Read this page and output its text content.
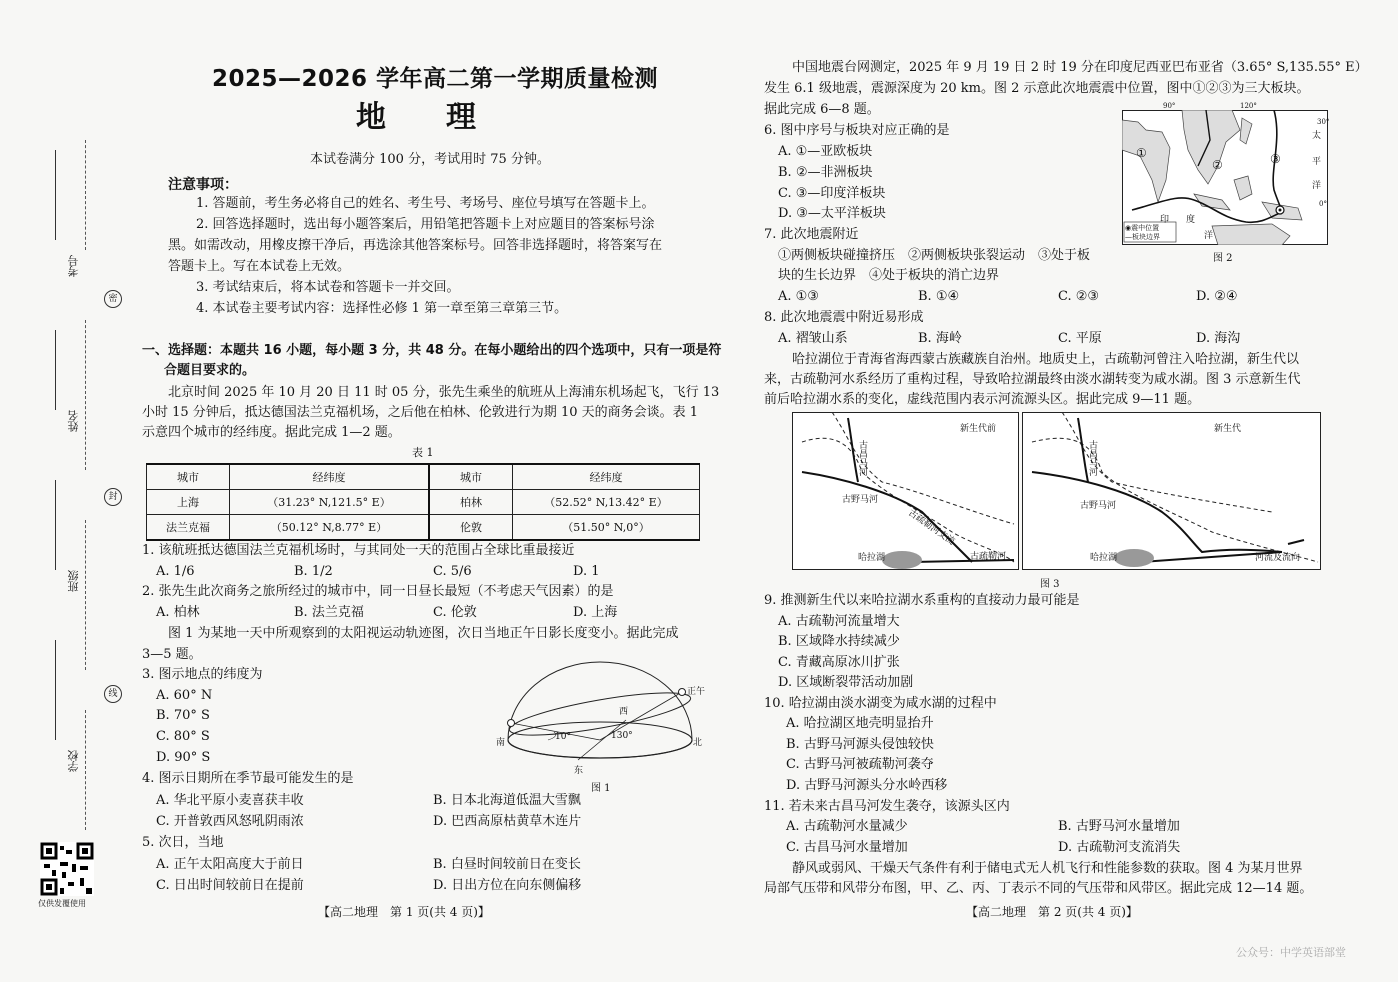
考号
姓名
班级
学校
密
封
线
仅供发覆使用
2025—2026 学年高二第一学期质量检测
地　　理
本试卷满分 100 分，考试用时 75 分钟。
注意事项：
1. 答题前，考生务必将自己的姓名、考生号、考场号、座位号填写在答题卡上。
2. 回答选择题时，选出每小题答案后，用铅笔把答题卡上对应题目的答案标号涂
黑。如需改动，用橡皮擦干净后，再选涂其他答案标号。回答非选择题时，将答案写在
答题卡上。写在本试卷上无效。
3. 考试结束后，将本试卷和答题卡一并交回。
4. 本试卷主要考试内容：选择性必修 1 第一章至第三章第三节。
一、选择题：本题共 16 小题，每小题 3 分，共 48 分。在每小题给出的四个选项中，只有一项是符
合题目要求的。
北京时间 2025 年 10 月 20 日 11 时 05 分，张先生乘坐的航班从上海浦东机场起飞，飞行 13
小时 15 分钟后，抵达德国法兰克福机场，之后他在柏林、伦敦进行为期 10 天的商务会谈。表 1
示意四个城市的经纬度。据此完成 1—2 题。
表 1
城市	经纬度	城市	经纬度
上海	（31.23° N,121.5° E）	柏林	（52.52° N,13.42° E）
法兰克福	（50.12° N,8.77° E）	伦敦	（51.50° N,0°）
1. 该航班抵达德国法兰克福机场时，与其同处一天的范围占全球比重最接近
A. 1/6	B. 1/2	C. 5/6	D. 1
2. 张先生此次商务之旅所经过的城市中，同一日昼长最短（不考虑天气因素）的是
A. 柏林	B. 法兰克福	C. 伦敦	D. 上海
图 1 为某地一天中所观察到的太阳视运动轨迹图，次日当地正午日影长度变小。据此完成
3—5 题。
3. 图示地点的纬度为
A. 60° N
B. 70° S
C. 80° S
D. 90° S
4. 图示日期所在季节最可能发生的是
A. 华北平原小麦喜获丰收	B. 日本北海道低温大雪飘
C. 开普敦西风怒吼阴雨浓	D. 巴西高原枯黄草木连片
5. 次日，当地
A. 正午太阳高度大于前日	B. 白昼时间较前日在变长
C. 日出时间较前日在提前	D. 日出方位在向东侧偏移
正午
西
南	北
东
10°	130°
图 1
【高二地理　第 1 页(共 4 页)】
中国地震台网测定，2025 年 9 月 19 日 2 时 19 分在印度尼西亚巴布亚省（3.65° S,135.55° E）
发生 6.1 级地震，震源深度为 20 km。图 2 示意此次地震震中位置，图中①②③为三大板块。
据此完成 6—8 题。
6. 图中序号与板块对应正确的是
A. ①—亚欧板块
B. ②—非洲板块
C. ③—印度洋板块
D. ③—太平洋板块
7. 此次地震附近
①两侧板块碰撞挤压　②两侧板块张裂运动　③处于板
块的生长边界　④处于板块的消亡边界
A. ①③	B. ①④	C. ②③	D. ②④
8. 此次地震震中附近易形成
A. 褶皱山系	B. 海岭	C. 平原	D. 海沟
90°	120°
30°
0°
①
②	③
太
平
洋
印 度
洋
◉震中位置
—板块边界
图 2
哈拉湖位于青海省海西蒙古族藏族自治州。地质史上，古疏勒河曾注入哈拉湖，新生代以
来，古疏勒河水系经历了重构过程，导致哈拉湖最终由淡水湖转变为咸水湖。图 3 示意新生代
前后哈拉湖水系的变化，虚线范围内表示河流源头区。据此完成 9—11 题。
新生代前	新生代
古昌马河
古野马河
古疏勒河支流
哈拉湖	古疏勒河
古昌马河
古野马河
哈拉湖	河流及流向
图 3
9. 推测新生代以来哈拉湖水系重构的直接动力最可能是
A. 古疏勒河流量增大
B. 区域降水持续减少
C. 青藏高原冰川扩张
D. 区域断裂带活动加剧
10. 哈拉湖由淡水湖变为咸水湖的过程中
A. 哈拉湖区地壳明显抬升
B. 古野马河源头侵蚀较快
C. 古野马河被疏勒河袭夺
D. 古野马河源头分水岭西移
11. 若未来古昌马河发生袭夺，该源头区内
A. 古疏勒河水量减少	B. 古野马河水量增加
C. 古昌马河水量增加	D. 古疏勒河支流消失
静风或弱风、干燥天气条件有利于储电式无人机飞行和性能参数的获取。图 4 为某月世界
局部气压带和风带分布图，甲、乙、丙、丁表示不同的气压带和风带区。据此完成 12—14 题。
【高二地理　第 2 页(共 4 页)】
公众号：中学英语部堂
